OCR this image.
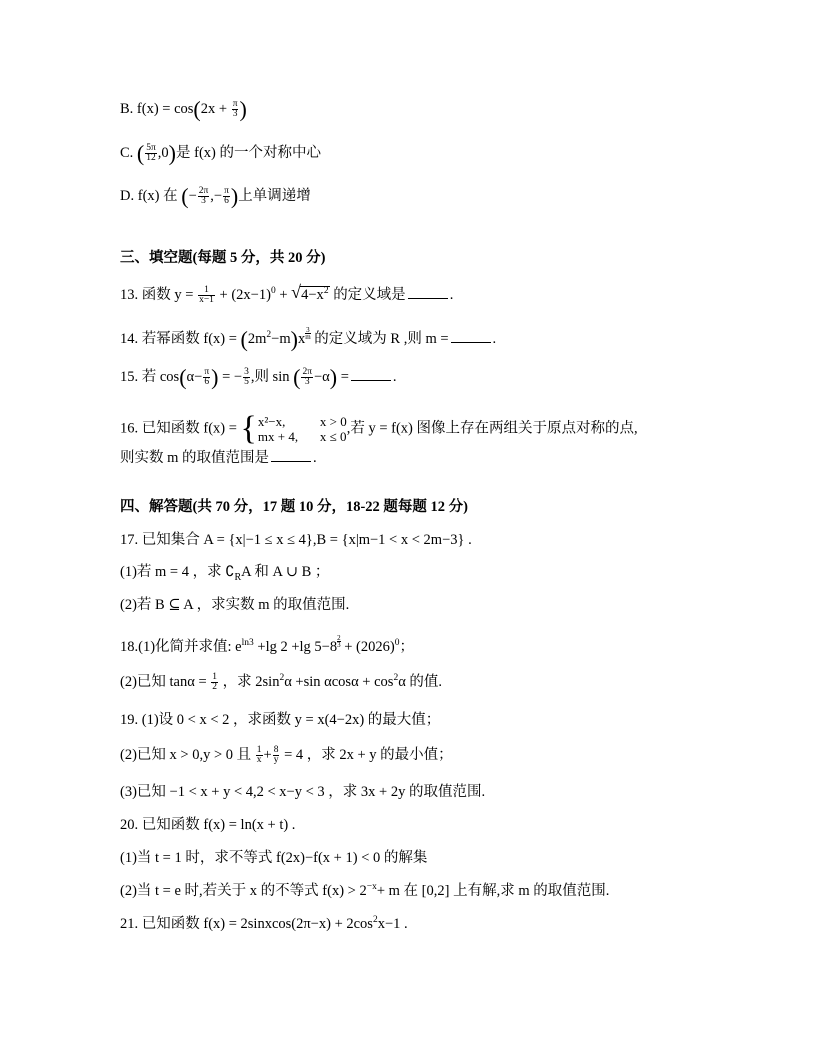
B. $f(x) = \cos(2x + \frac{\pi}{3}$ )
C. ( $\frac{5\pi}{12} ,0$)是 f(x) 的一个对称中心
D. f(x) 在 (− $\frac{2\pi}{3}$ ,− $\frac{\pi}{6}$ )上单调递增
三、填空题(每题 5 分，共 20 分)
13. 函数 $y = \frac{1}{x-1} + (2x-1)^0$ + √ $4-x^2$ 的定义域是	.
14. 若幂函数 $f(x) = (2m^2-m)x \frac{3}{m}$ 的定义域为 R ,则 m =	.
15. 若 $\cos(\alpha- \frac{\pi}{6}$ ) = − $\frac{3}{5}$ ,则 sin ( $\frac{2\pi}{3} -\alpha$) =	.
16. 已知函数 f(x) = { x²−x,	x > 0
mx + 4,	x ≤ 0
,若 y = f(x) 图像上存在两组关于原点对称的点,
则实数 m 的取值范围是	.
四、解答题(共 70 分，17 题 10 分，18-22 题每题 12 分)
17. 已知集合 A = {x|−1 ≤ x ≤ 4},B = {x|m−1 < x < 2m−3} .
(1)若 m = 4 ，求 $∁_RA$ 和 A ∪ B ；
(2)若 B ⊆ A ，求实数 m 的取值范围.
18.(1)化简并求值: $e^{ln3} +\lg$ 2 +lg $5-8 \frac{2}{3} + (2026)^0$；
(2)已知 $\tan\alpha = \frac{1}{2}$ ，求 $2\sin^2\alpha +\sin$ $\alpha\cos\alpha + \cos^2\alpha$ 的值.
19. (1)设 0 < x < 2 ，求函数 y = x(4−2x) 的最大值；
(2)已知 x > 0,y > 0 且 $\frac{1}{x} + \frac{8}{y} = 4$ ，求 2x + y 的最小值；
(3)已知 −1 < x + y < 4,2 < x−y < 3 ，求 3x + 2y 的取值范围.
20. 已知函数 f(x) = ln(x + t) .
(1)当 t = 1 时，求不等式 f(2x)−f(x + 1) < 0 的解集
(2)当 t = e 时,若关于 x 的不等式 $f(x) > 2^{-x}+ m$ 在 [0,2] 上有解,求 m 的取值范围.
21. 已知函数 f(x) = 2sinxcos(2π−x) + $2\cos^2x-1$ .
